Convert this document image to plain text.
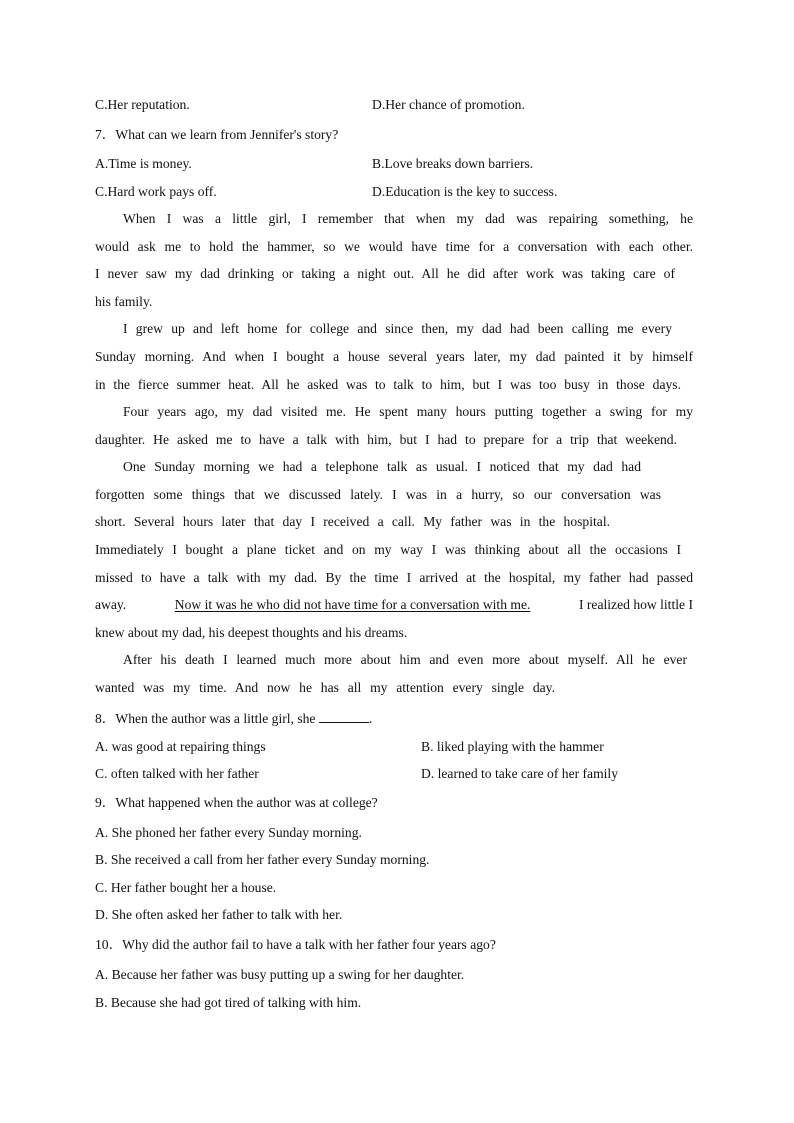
C.Her reputation.	D.Her chance of promotion.
7．What can we learn from Jennifer's story?
A.Time is money.	B.Love breaks down barriers.
C.Hard work pays off.	D.Education is the key to success.
When I was a little girl, I remember that when my dad was repairing something, he
would ask me to hold the hammer, so we would have time for a conversation with each other.
I never saw my dad drinking or taking a night out. All he did after work was taking care of
his family.
I grew up and left home for college and since then, my dad had been calling me every
Sunday morning. And when I bought a house several years later, my dad painted it by himself
in the fierce summer heat. All he asked was to talk to him, but I was too busy in those days.
Four years ago, my dad visited me. He spent many hours putting together a swing for my
daughter. He asked me to have a talk with him, but I had to prepare for a trip that weekend.
One Sunday morning we had a telephone talk as usual. I noticed that my dad had
forgotten some things that we discussed lately. I was in a hurry, so our conversation was
short. Several hours later that day I received a call. My father was in the hospital.
Immediately I bought a plane ticket and on my way I was thinking about all the occasions I
missed to have a talk with my dad. By the time I arrived at the hospital, my father had passed
away.	Now it was he who did not have time for a conversation with me.	I realized how little I
knew about my dad, his deepest thoughts and his dreams.
After his death I learned much more about him and even more about myself. All he ever
wanted was my time. And now he has all my attention every single day.
8．When the author was a little girl, she	.
A. was good at repairing things	B. liked playing with the hammer
C. often talked with her father	D. learned to take care of her family
9．What happened when the author was at college?
A. She phoned her father every Sunday morning.
B. She received a call from her father every Sunday morning.
C. Her father bought her a house.
D. She often asked her father to talk with her.
10．Why did the author fail to have a talk with her father four years ago?
A. Because her father was busy putting up a swing for her daughter.
B. Because she had got tired of talking with him.
